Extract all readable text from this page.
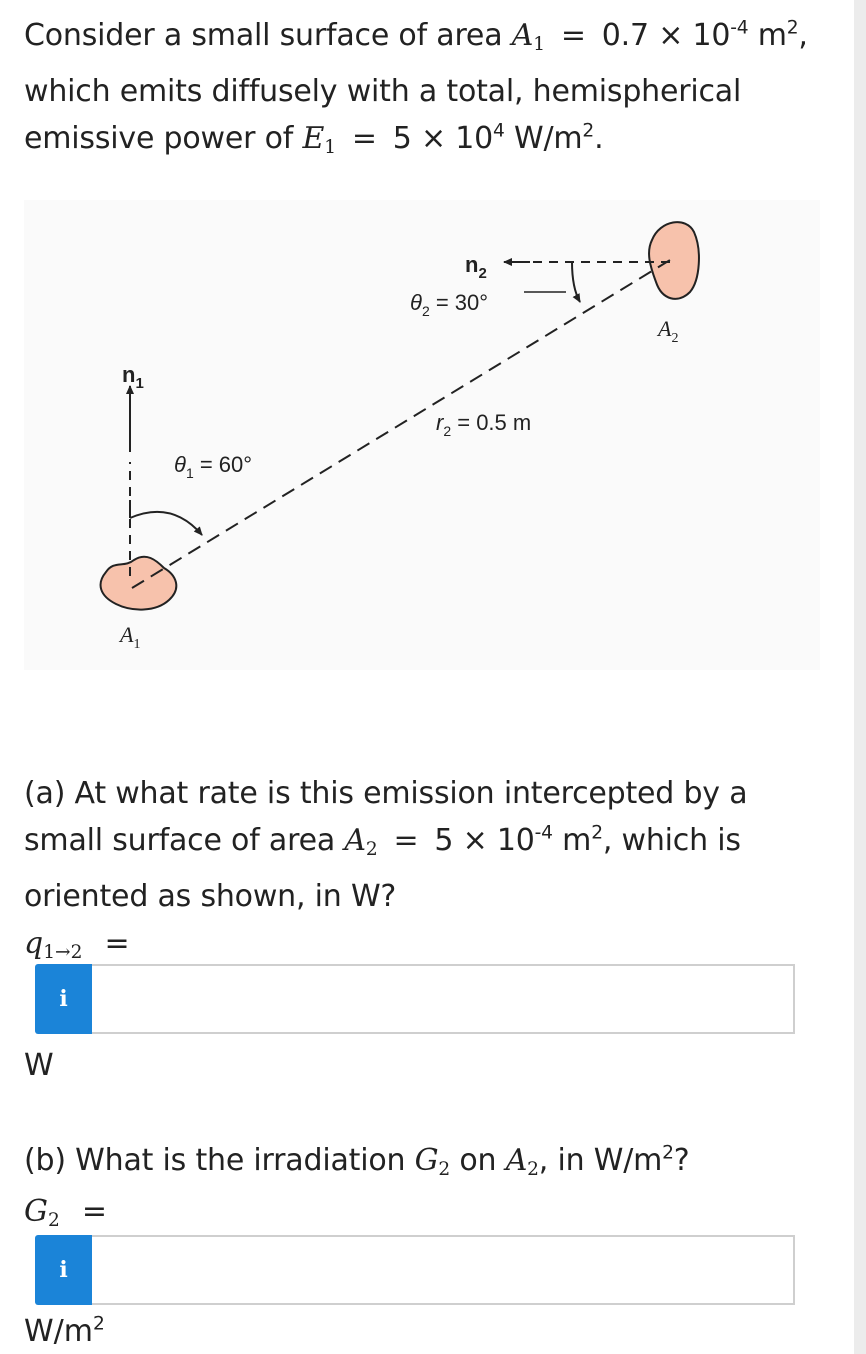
Consider a small surface of area $A_1 = 0.7 \times 10^{-4}$ $m^2$,
which emits diffusely with a total, hemispherical
emissive power of $E_1 = 5 \times 10^4$ $W/m^2$.
$n_1$
$n_2$
$\theta_1 = 60^\circ$
$\theta_2 = 30^\circ$
$r_2 = 0.5$ m
$A_1$
$A_2$
(a) At what rate is this emission intercepted by a
small surface of area $A_2 = 5 \times 10^{-4}$ $m^2$, which is
oriented as shown, in W?
$q_{1\to 2}$ =
i
W
(b) What is the irradiation $G_2$ on $A_2$, in $W/m^2$?
$G_2$ =
i
$W/m^2$
